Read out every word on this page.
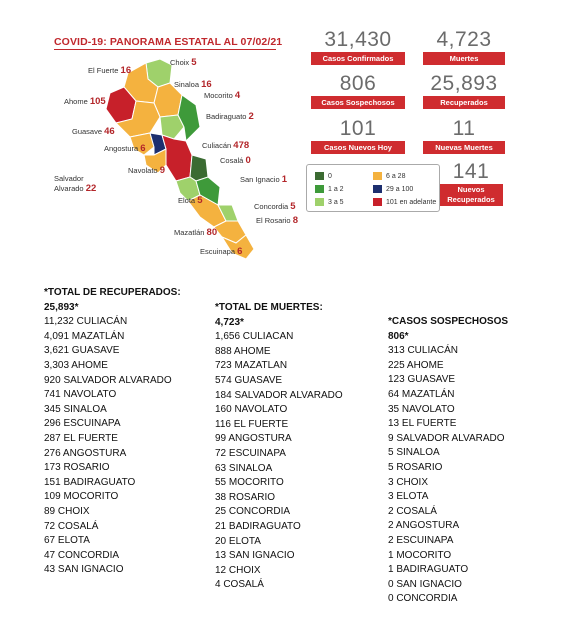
COVID-19: PANORAMA ESTATAL AL 07/02/21
Choix 5
El Fuerte 16
Sinaloa 16
Ahome 105
Mocorito 4
Badiraguato 2
Guasave 46
Culiacán 478
Angostura 6
Cosalá 0
Salvador
Alvarado 22
Navolato 9
San Ignacio 1
Elota 5
Concordia 5
El Rosario 8
Mazatlán 80
Escuinapa 6
31,430
Casos Confirmados
4,723
Muertes
806
Casos Sospechosos
25,893
Recuperados
101
Casos Nuevos Hoy
11
Nuevas Muertes
141
Nuevos
Recuperados
0	6 a 28
1 a 2	29 a 100
3 a 5	101 en adelante
*TOTAL DE RECUPERADOS:
25,893*
11,232 CULIACÁN
4,091 MAZATLÁN
3,621 GUASAVE
3,303 AHOME
920 SALVADOR ALVARADO
741 NAVOLATO
345 SINALOA
296 ESCUINAPA
287 EL FUERTE
276 ANGOSTURA
173 ROSARIO
151 BADIRAGUATO
109 MOCORITO
89 CHOIX
72 COSALÁ
67 ELOTA
47 CONCORDIA
43 SAN IGNACIO
*TOTAL DE MUERTES:
4,723*
1,656 CULIACAN
888 AHOME
723 MAZATLAN
574 GUASAVE
184 SALVADOR ALVARADO
160 NAVOLATO
116 EL FUERTE
99 ANGOSTURA
72 ESCUINAPA
63 SINALOA
55 MOCORITO
38 ROSARIO
25 CONCORDIA
21 BADIRAGUATO
20 ELOTA
13 SAN IGNACIO
12 CHOIX
4 COSALÁ
*CASOS SOSPECHOSOS
806*
313 CULIACÁN
225 AHOME
123 GUASAVE
64 MAZATLÁN
35 NAVOLATO
13 EL FUERTE
9 SALVADOR ALVARADO
5 SINALOA
5 ROSARIO
3 CHOIX
3 ELOTA
2 COSALÁ
2 ANGOSTURA
2 ESCUINAPA
1 MOCORITO
1 BADIRAGUATO
0 SAN IGNACIO
0 CONCORDIA
